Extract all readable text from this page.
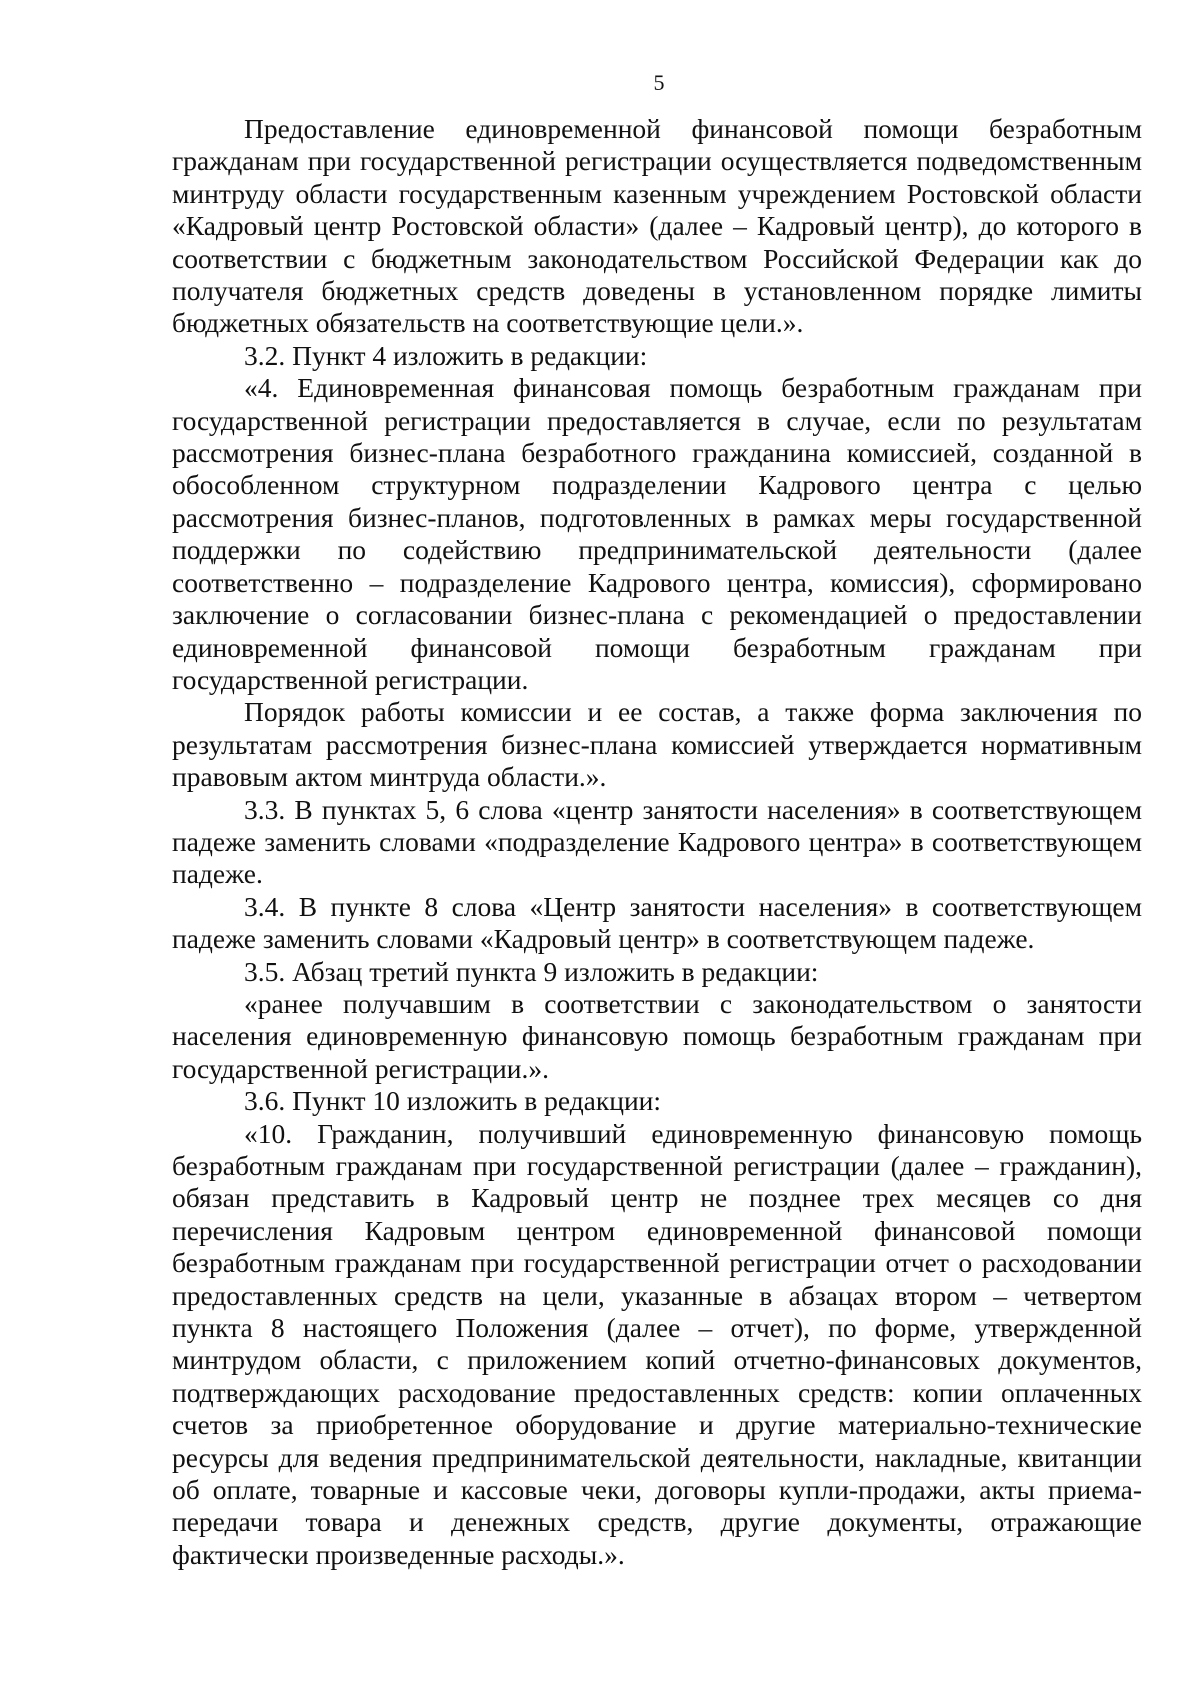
5

Предоставление единовременной финансовой помощи безработным гражданам при государственной регистрации осуществляется подведомственным минтруду области государственным казенным учреждением Ростовской области «Кадровый центр Ростовской области» (далее – Кадровый центр), до которого в соответствии с бюджетным законодательством Российской Федерации как до получателя бюджетных средств доведены в установленном порядке лимиты бюджетных обязательств на соответствующие цели.».

3.2. Пункт 4 изложить в редакции:

«4. Единовременная финансовая помощь безработным гражданам при государственной регистрации предоставляется в случае, если по результатам рассмотрения бизнес-плана безработного гражданина комиссией, созданной в обособленном структурном подразделении Кадрового центра с целью рассмотрения бизнес-планов, подготовленных в рамках меры государственной поддержки по содействию предпринимательской деятельности (далее соответственно – подразделение Кадрового центра, комиссия), сформировано заключение о согласовании бизнес-плана с рекомендацией о предоставлении единовременной финансовой помощи безработным гражданам при государственной регистрации.

Порядок работы комиссии и ее состав, а также форма заключения по результатам рассмотрения бизнес-плана комиссией утверждается нормативным правовым актом минтруда области.».

3.3. В пунктах 5, 6 слова «центр занятости населения» в соответствующем падеже заменить словами «подразделение Кадрового центра» в соответствующем падеже.

3.4. В пункте 8 слова «Центр занятости населения» в соответствующем падеже заменить словами «Кадровый центр» в соответствующем падеже.

3.5. Абзац третий пункта 9 изложить в редакции:

«ранее получавшим в соответствии с законодательством о занятости населения единовременную финансовую помощь безработным гражданам при государственной регистрации.».

3.6. Пункт 10 изложить в редакции:

«10. Гражданин, получивший единовременную финансовую помощь безработным гражданам при государственной регистрации (далее – гражданин), обязан представить в Кадровый центр не позднее трех месяцев со дня перечисления Кадровым центром единовременной финансовой помощи безработным гражданам при государственной регистрации отчет о расходовании предоставленных средств на цели, указанные в абзацах втором – четвертом пункта 8 настоящего Положения (далее – отчет), по форме, утвержденной минтрудом области, с приложением копий отчетно-финансовых документов, подтверждающих расходование предоставленных средств: копии оплаченных счетов за приобретенное оборудование и другие материально-технические ресурсы для ведения предпринимательской деятельности, накладные, квитанции об оплате, товарные и кассовые чеки, договоры купли-продажи, акты приема-передачи товара и денежных средств, другие документы, отражающие фактически произведенные расходы.».
